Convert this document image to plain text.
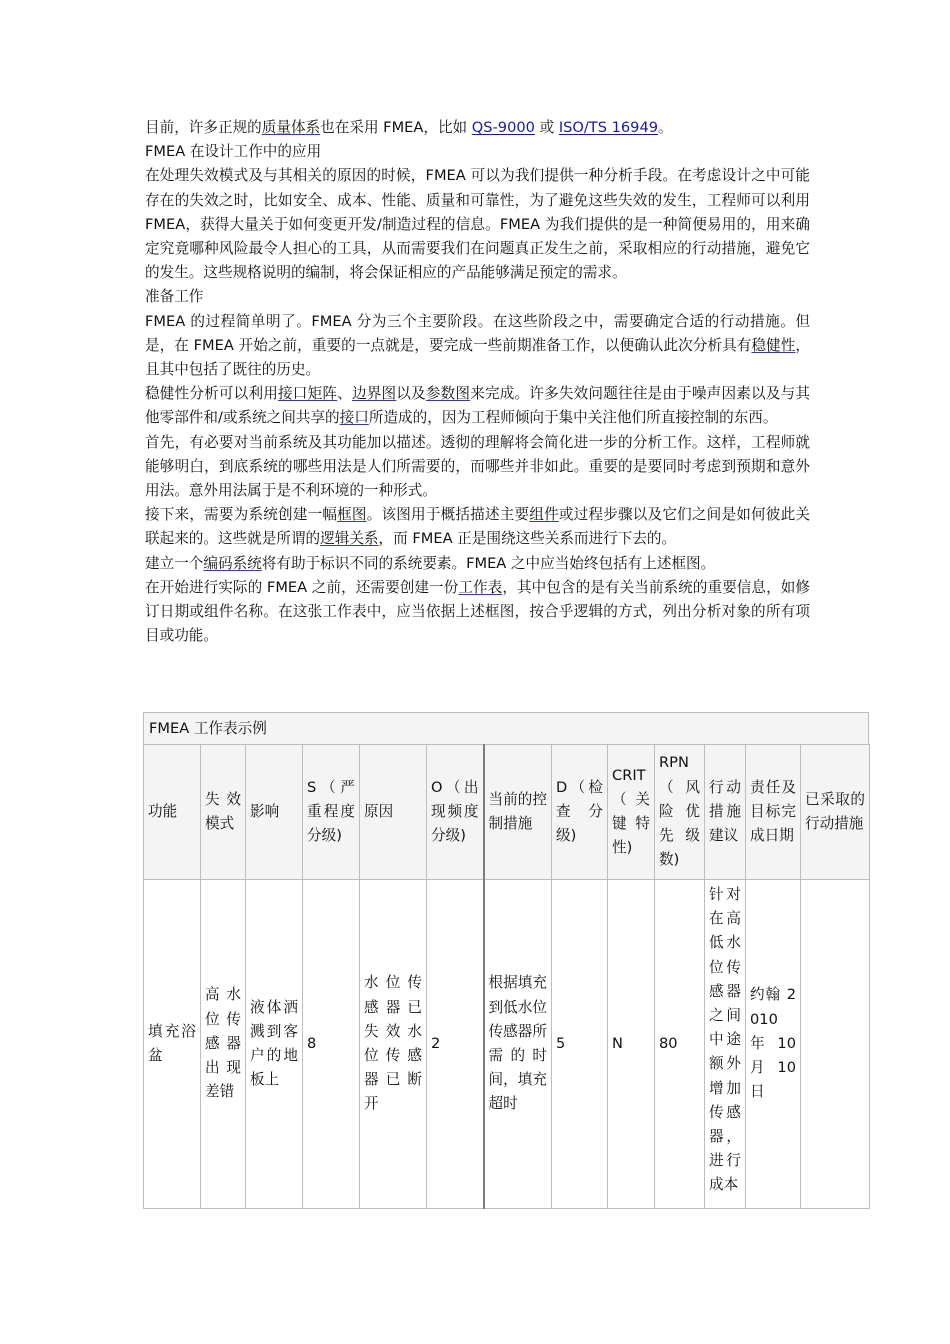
目前，许多正规的质量体系也在采用 FMEA，比如 QS-9000 或 ISO/TS 16949。

FMEA 在设计工作中的应用

在处理失效模式及与其相关的原因的时候，FMEA 可以为我们提供一种分析手段。在考虑设计之中可能存在的失效之时，比如安全、成本、性能、质量和可靠性，为了避免这些失效的发生，工程师可以利用 FMEA，获得大量关于如何变更开发/制造过程的信息。FMEA 为我们提供的是一种简便易用的，用来确定究竟哪种风险最令人担心的工具，从而需要我们在问题真正发生之前，采取相应的行动措施，避免它的发生。这些规格说明的编制，将会保证相应的产品能够满足预定的需求。

准备工作

FMEA 的过程简单明了。FMEA 分为三个主要阶段。在这些阶段之中，需要确定合适的行动措施。但是，在 FMEA 开始之前，重要的一点就是，要完成一些前期准备工作，以便确认此次分析具有稳健性，且其中包括了既往的历史。

稳健性分析可以利用接口矩阵、边界图以及参数图来完成。许多失效问题往往是由于噪声因素以及与其他零部件和/或系统之间共享的接口所造成的，因为工程师倾向于集中关注他们所直接控制的东西。

首先，有必要对当前系统及其功能加以描述。透彻的理解将会简化进一步的分析工作。这样，工程师就能够明白，到底系统的哪些用法是人们所需要的，而哪些并非如此。重要的是要同时考虑到预期和意外用法。意外用法属于是不利环境的一种形式。

接下来，需要为系统创建一幅框图。该图用于概括描述主要组件或过程步骤以及它们之间是如何彼此关联起来的。这些就是所谓的逻辑关系，而 FMEA 正是围绕这些关系而进行下去的。

建立一个编码系统将有助于标识不同的系统要素。FMEA 之中应当始终包括有上述框图。

在开始进行实际的 FMEA 之前，还需要创建一份工作表，其中包含的是有关当前系统的重要信息，如修订日期或组件名称。在这张工作表中，应当依据上述框图，按合乎逻辑的方式，列出分析对象的所有项目或功能。

FMEA 工作表示例
功能	失效模式	影响	S（严重程度分级)	原因	O（出现频度分级)	当前的控制措施	D（检查分级)	CRIT（关键特性)	RPN（风险优先级数)	行动措施建议	责任及目标完成日期	已采取的行动措施
填充浴盆	高水位传感器出现差错	液体洒溅到客户的地板上	8	水位传感器已失效水位传感器已断开	2	根据填充到低水位传感器所需的时间，填充超时	5	N	80	针对在高低水位传感器之间中途额外增加传感器，进行成本	约翰 2010 年 10 月 10 日	
